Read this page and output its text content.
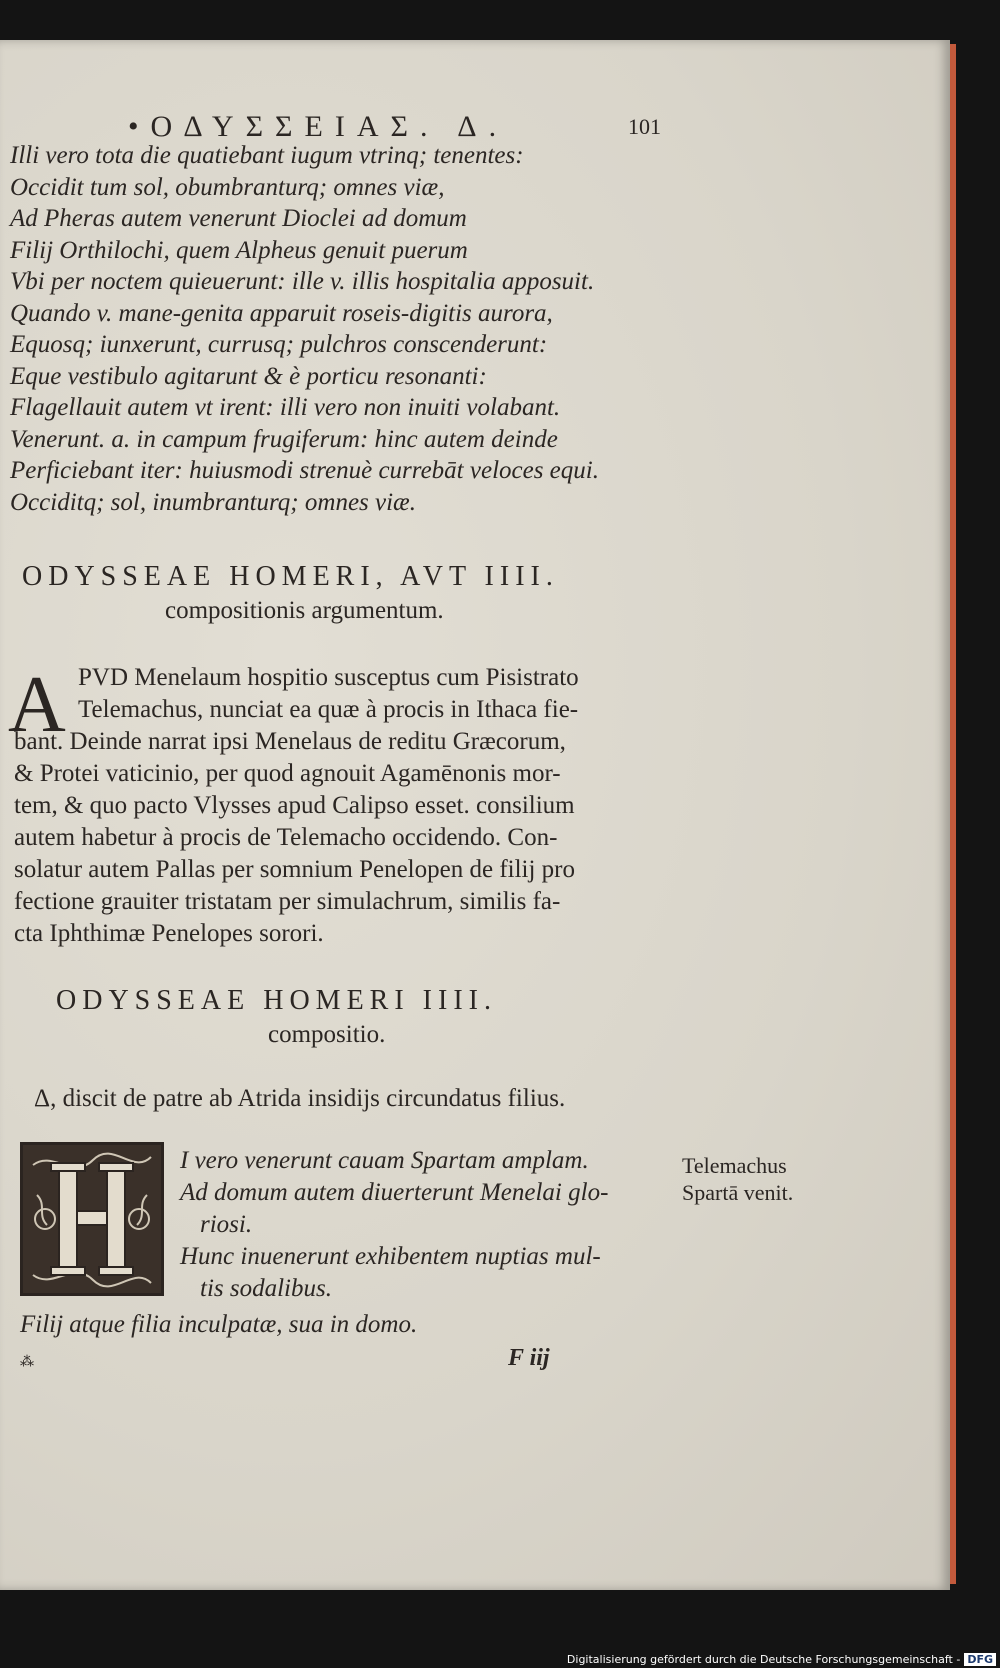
•ΟΔΥΣΣΕΙΑΣ. Δ.	101
Illi vero tota die quatiebant iugum vtrinq; tenentes:
Occidit tum sol, obumbranturq; omnes viæ,
Ad Pheras autem venerunt Dioclei ad domum
Filij Orthilochi, quem Alpheus genuit puerum
Vbi per noctem quieuerunt: ille v. illis hospitalia apposuit.
Quando v. mane-genita apparuit roseis-digitis aurora,
Equosq; iunxerunt, currusq; pulchros conscenderunt:
Eque vestibulo agitarunt & è porticu resonanti:
Flagellauit autem vt irent: illi vero non inuiti volabant.
Venerunt. a. in campum frugiferum: hinc autem deinde
Perficiebant iter: huiusmodi strenuè currebāt veloces equi.
Occiditq; sol, inumbranturq; omnes viæ.
ODYSSEAE HOMERI, AVT IIII.
compositionis argumentum.
A PVD Menelaum hospitio susceptus cum Pisistrato
Telemachus, nunciat ea quæ à procis in Ithaca fie-
bant. Deinde narrat ipsi Menelaus de reditu Græcorum,
& Protei vaticinio, per quod agnouit Agamēnonis mor-
tem, & quo pacto Vlysses apud Calipso esset. consilium
autem habetur à procis de Telemacho occidendo. Con-
solatur autem Pallas per somnium Penelopen de filij pro
fectione grauiter tristatam per simulachrum, similis fa-
cta Iphthimæ Penelopes sorori.
ODYSSEAE HOMERI IIII.
compositio.
Δ, discit de patre ab Atrida insidijs circundatus filius.
I vero venerunt cauam Spartam amplam.
Ad domum autem diuerterunt Menelai glo-
riosi.
Hunc inuenerunt exhibentem nuptias mul-
tis sodalibus.
Filij atque filia inculpatæ, sua in domo.
Telemachus
Spartā venit.
⁂	F iij
Digitalisierung gefördert durch die Deutsche Forschungsgemeinschaft - DFG
